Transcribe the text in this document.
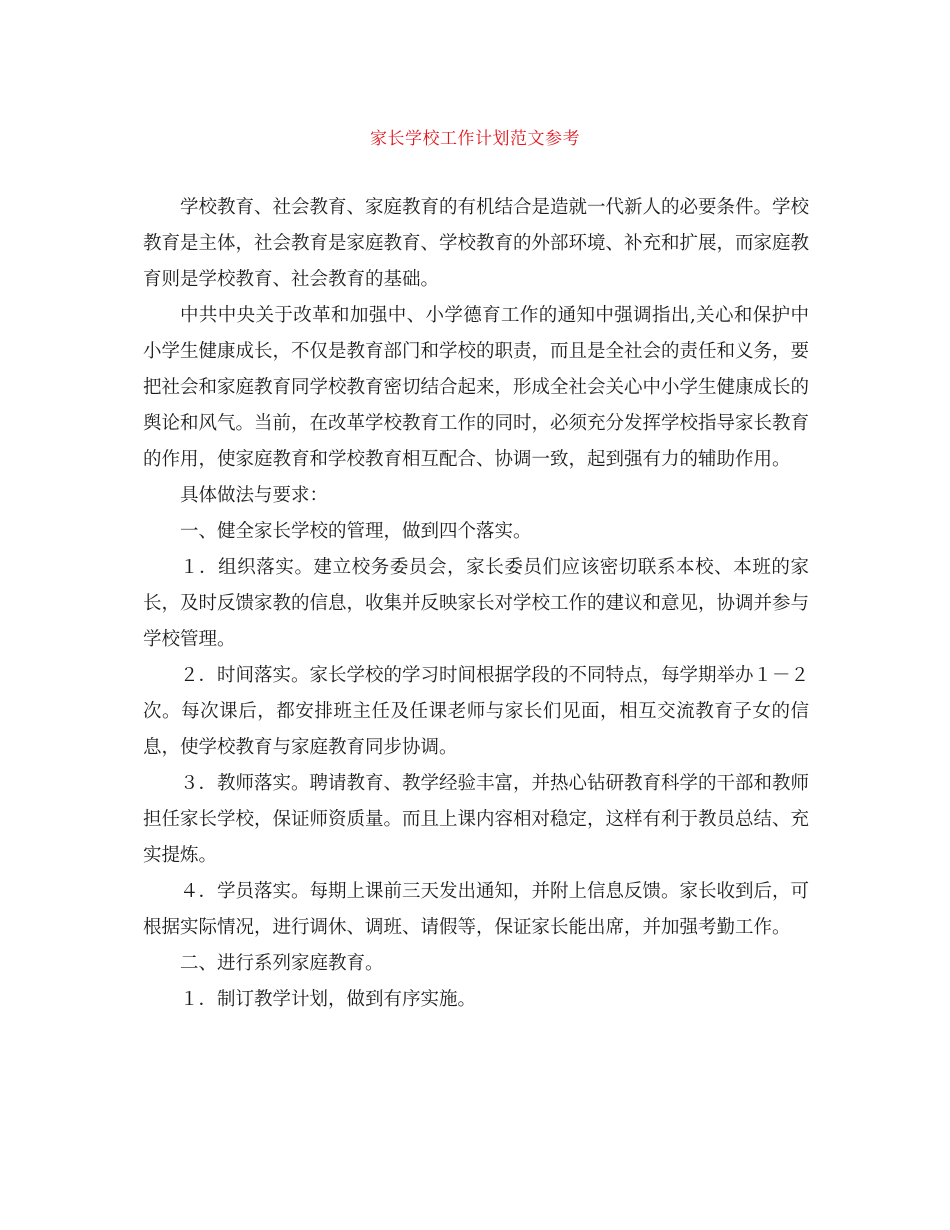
家长学校工作计划范文参考

学校教育、社会教育、家庭教育的有机结合是造就一代新人的必要条件。学校教育是主体，社会教育是家庭教育、学校教育的外部环境、补充和扩展，而家庭教育则是学校教育、社会教育的基础。

中共中央关于改革和加强中、小学德育工作的通知中强调指出,关心和保护中小学生健康成长，不仅是教育部门和学校的职责，而且是全社会的责任和义务，要把社会和家庭教育同学校教育密切结合起来，形成全社会关心中小学生健康成长的舆论和风气。当前，在改革学校教育工作的同时，必须充分发挥学校指导家长教育的作用，使家庭教育和学校教育相互配合、协调一致，起到强有力的辅助作用。

具体做法与要求：

一、健全家长学校的管理，做到四个落实。

１．组织落实。建立校务委员会，家长委员们应该密切联系本校、本班的家长，及时反馈家教的信息，收集并反映家长对学校工作的建议和意见，协调并参与学校管理。

２．时间落实。家长学校的学习时间根据学段的不同特点，每学期举办１－２次。每次课后，都安排班主任及任课老师与家长们见面，相互交流教育子女的信息，使学校教育与家庭教育同步协调。

３．教师落实。聘请教育、教学经验丰富，并热心钻研教育科学的干部和教师担任家长学校，保证师资质量。而且上课内容相对稳定，这样有利于教员总结、充实提炼。

４．学员落实。每期上课前三天发出通知，并附上信息反馈。家长收到后，可根据实际情况，进行调休、调班、请假等，保证家长能出席，并加强考勤工作。

二、进行系列家庭教育。

１．制订教学计划，做到有序实施。
